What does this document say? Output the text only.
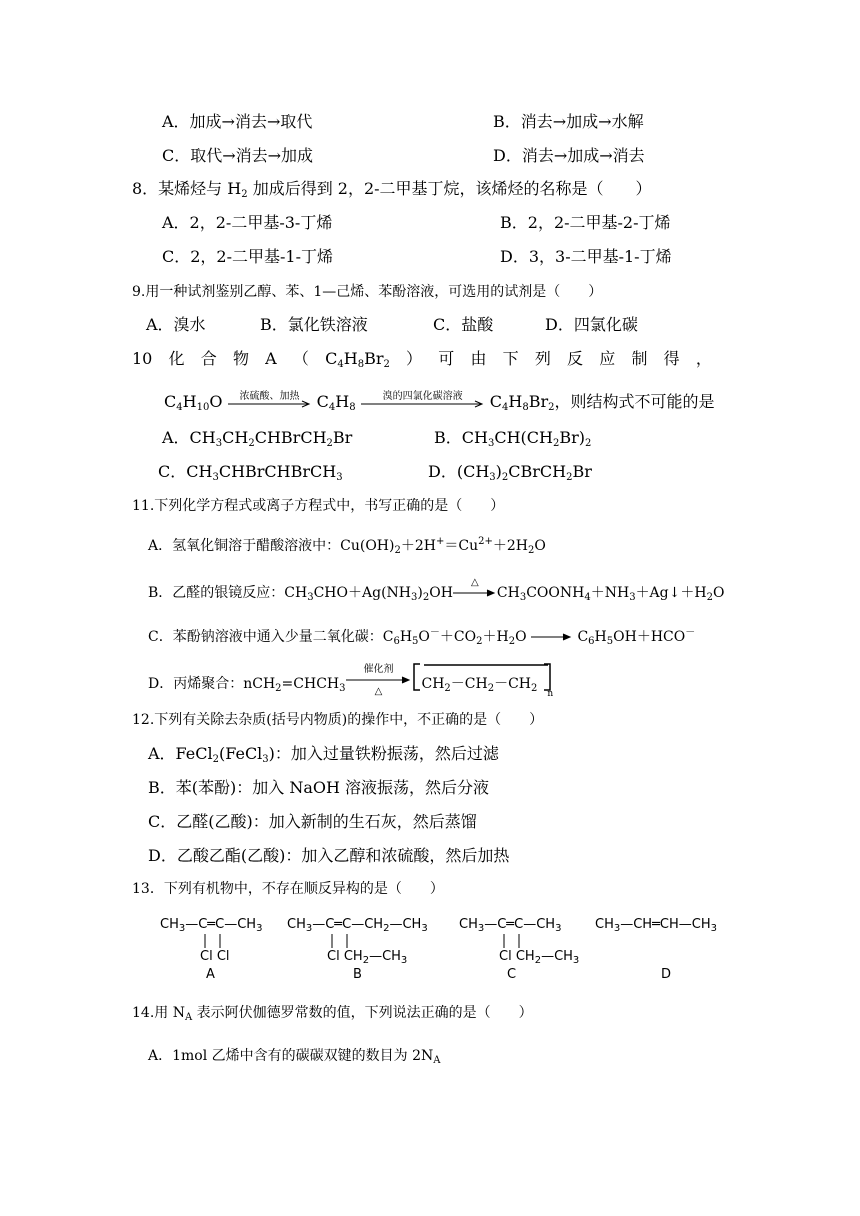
A．加成→消去→取代	B．消去→加成→水解
C．取代→消去→加成	D．消去→加成→消去
8．某烯烃与 $H_2$ 加成后得到 2，2-二甲基丁烷，该烯烃的名称是（　　）
A．2，2-二甲基-3-丁烯	B．2，2-二甲基-2-丁烯
C．2，2-二甲基-1-丁烯	D．3，3-二甲基-1-丁烯
9.用一种试剂鉴别乙醇、苯、1—己烯、苯酚溶液，可选用的试剂是（　　）
A．溴水	B．氯化铁溶液	C．盐酸	D．四氯化碳
10 化 合 物 A （ $C_4H_8Br_2$ ） 可 由 下 列 反 应 制 得 ，
$C_4H_{10}O$	浓硫酸、加热	$C_4H_8$
溴的四氯化碳溶液	$C_4H_8Br_2$，则结构式不可能的是
A．$CH_3CH_2CHBrCH_2Br$	B．$CH_3CH(CH_2Br)_2$
C．$CH_3CHBrCHBrCH_3$	D．$(CH_3)_2CBrCH_2Br$
11.下列化学方程式或离子方程式中，书写正确的是（　　）
A．氢氧化铜溶于醋酸溶液中：$Cu(OH)_2+2H^+=Cu^{2+}+2H_2O$
B．乙醛的银镜反应：$CH_3CHO+Ag(NH_3)_2OH$
△
$CH_3COONH_4+NH_3+Ag↓+H_2O$
C．苯酚钠溶液中通入少量二氧化碳：$C_6H_5O^-+CO_2+H_2O$	$C_6H_5OH+HCO^-$
D．丙烯聚合：$nCH_2=CHCH_3$
催化剂
△	$CH_2-CH_2-CH_2$ $_n$
12.下列有关除去杂质(括号内物质)的操作中，不正确的是（　　）
A．FeCl$_2$(FeCl$_3$)：加入过量铁粉振荡，然后过滤
B．苯(苯酚)：加入 NaOH 溶液振荡，然后分液
C．乙醛(乙酸)：加入新制的生石灰，然后蒸馏
D．乙酸乙酯(乙酸)：加入乙醇和浓硫酸，然后加热
13．下列有机物中，不存在顺反异构的是（　　）
$CH_3—C═C—CH_3$
Cl Cl
A
$CH_3—C═C—CH_2—CH_3$
Cl $CH_2—CH_3$
B
$CH_3—C═C—CH_3$
Cl $CH_2—CH_3$
C
$CH_3—CH═CH—CH_3$
D
14.用 $N_A$ 表示阿伏伽德罗常数的值，下列说法正确的是（　　）
A．1mol 乙烯中含有的碳碳双键的数目为 $2N_A$
